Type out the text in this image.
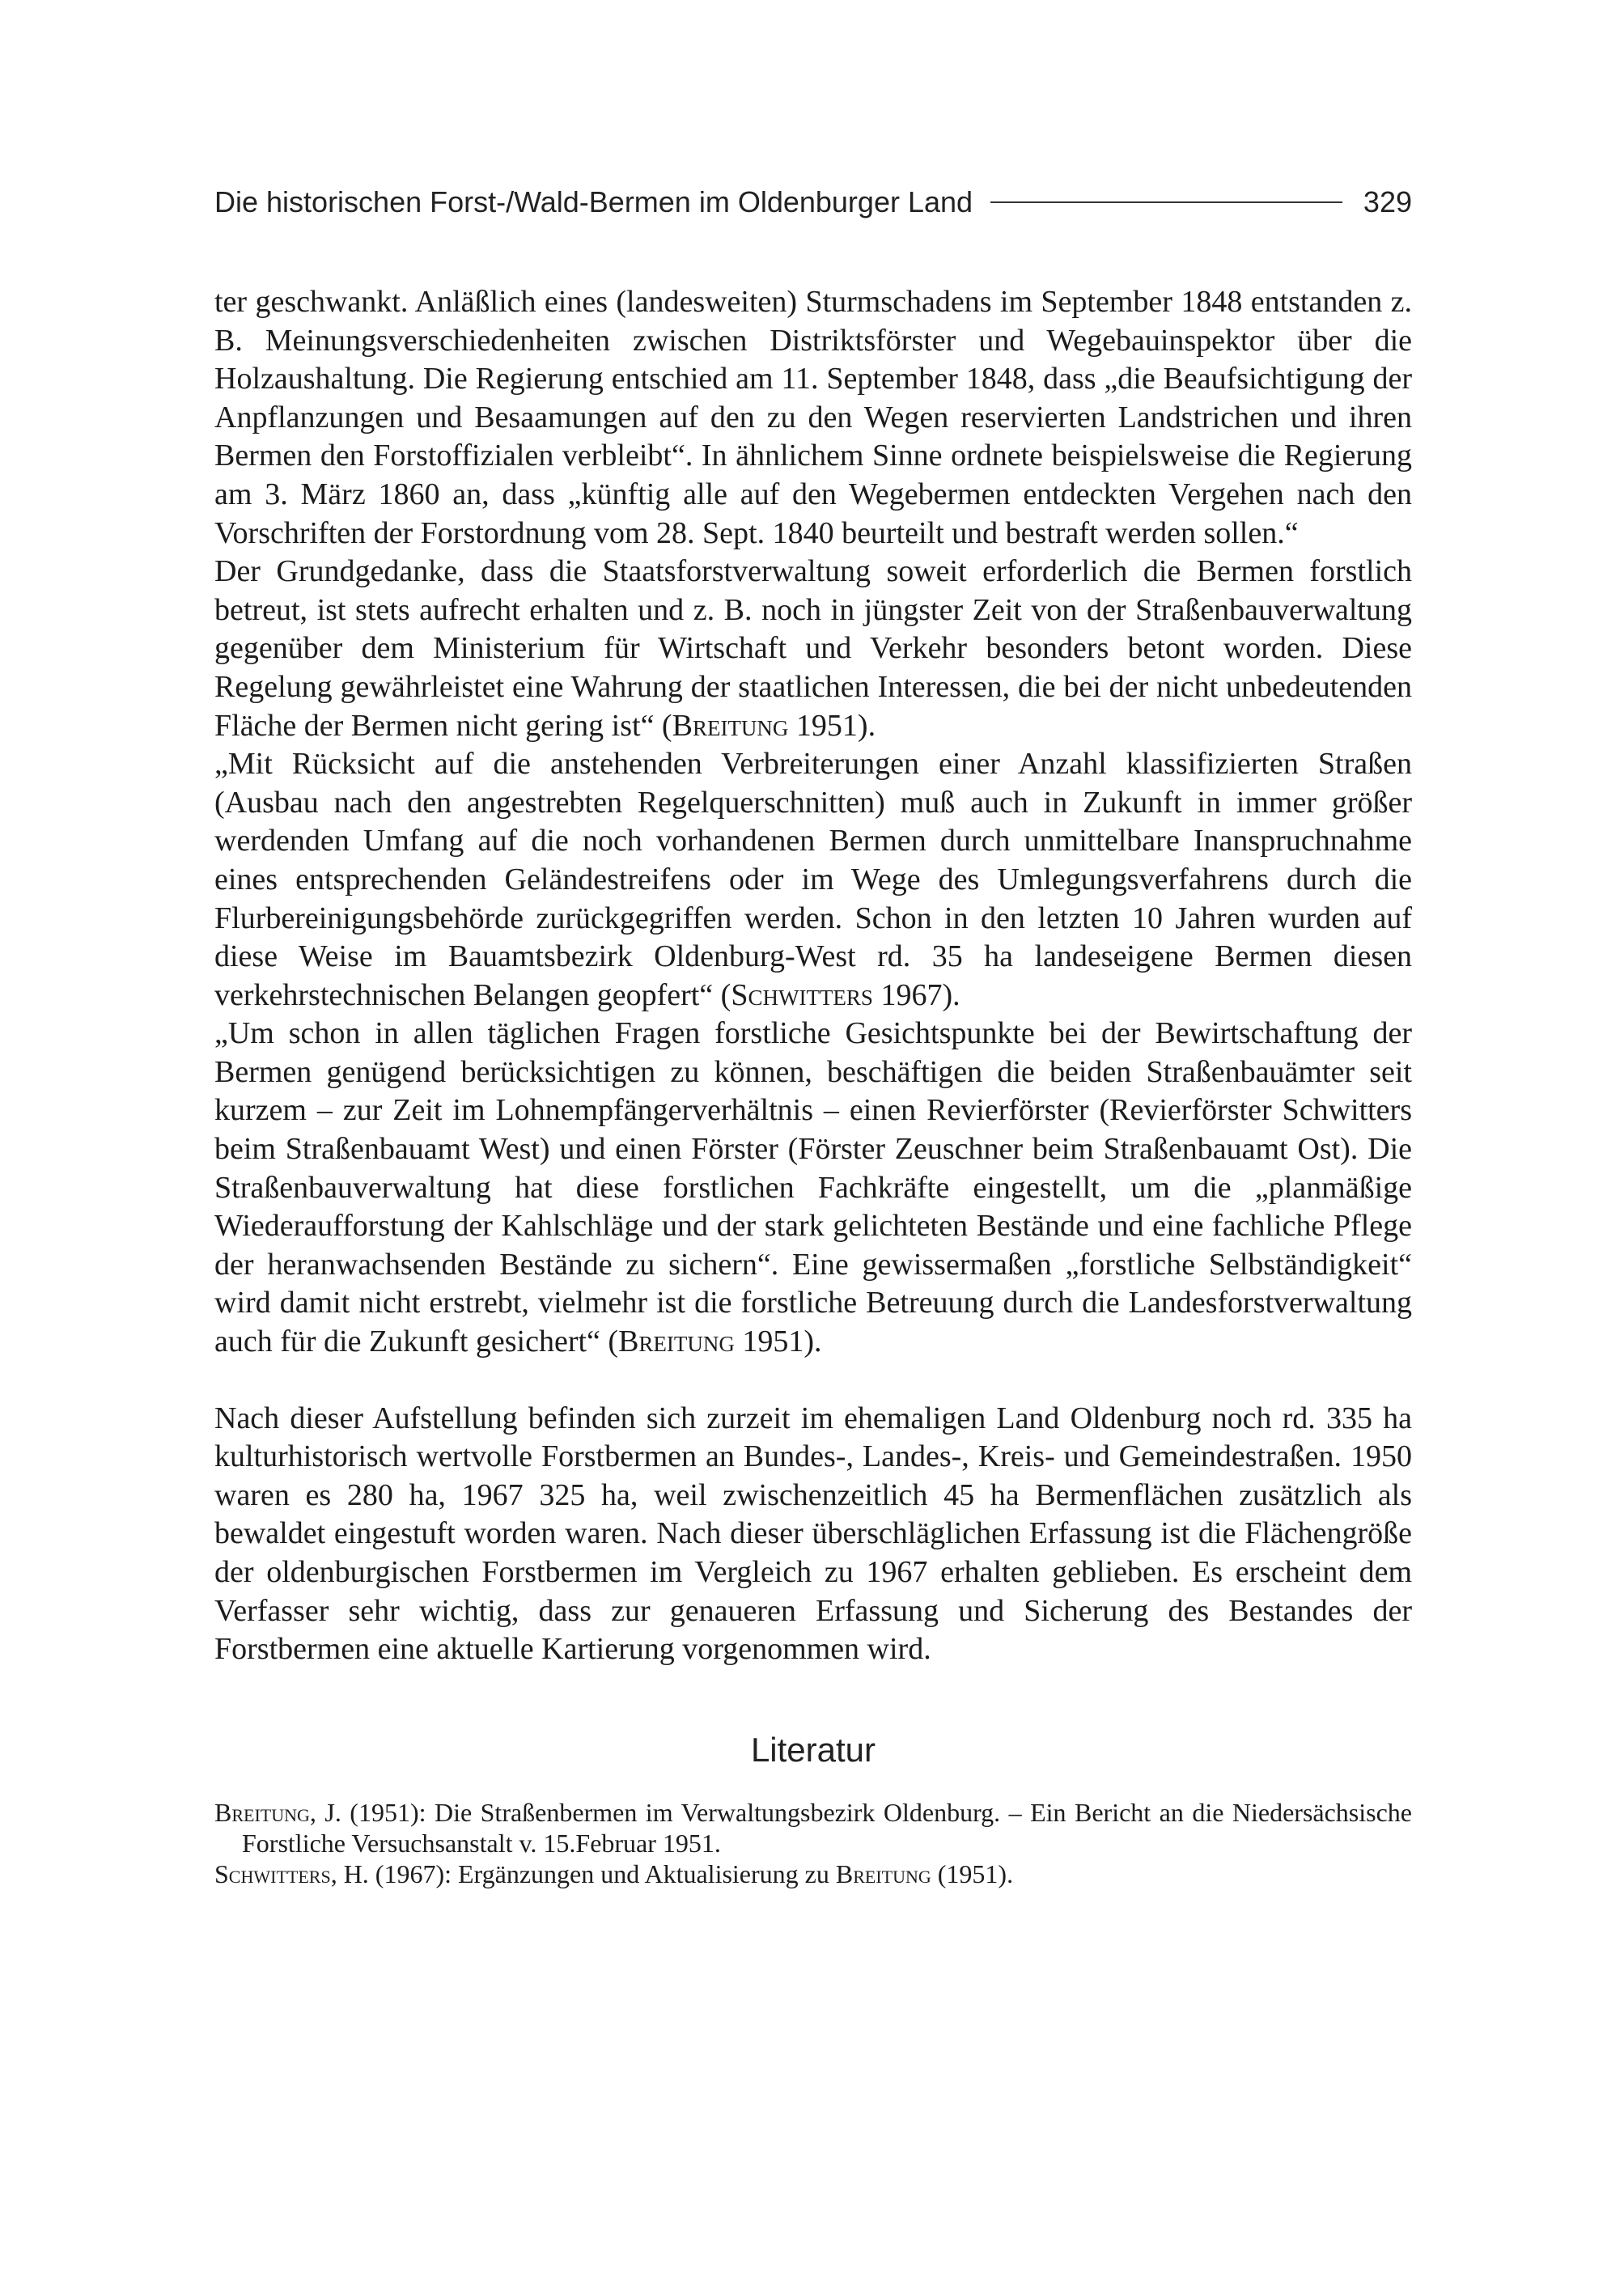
Die historischen Forst-/Wald-Bermen im Oldenburger Land	329

ter geschwankt. Anläßlich eines (landesweiten) Sturmschadens im September 1848 entstanden z. B. Meinungsverschiedenheiten zwischen Distriktsförster und Wegebauinspektor über die Holzaushaltung. Die Regierung entschied am 11. September 1848, dass „die Beaufsichtigung der Anpflanzungen und Besaamungen auf den zu den Wegen reservierten Landstrichen und ihren Bermen den Forstoffizialen verbleibt“. In ähnlichem Sinne ordnete beispielsweise die Regierung am 3. März 1860 an, dass „künftig alle auf den Wegebermen entdeckten Vergehen nach den Vorschriften der Forstordnung vom 28. Sept. 1840 beurteilt und bestraft werden sollen.“

Der Grundgedanke, dass die Staatsforstverwaltung soweit erforderlich die Bermen forstlich betreut, ist stets aufrecht erhalten und z. B. noch in jüngster Zeit von der Straßenbauverwaltung gegenüber dem Ministerium für Wirtschaft und Verkehr besonders betont worden. Diese Regelung gewährleistet eine Wahrung der staatlichen Interessen, die bei der nicht unbedeutenden Fläche der Bermen nicht gering ist“ (Breitung 1951).

„Mit Rücksicht auf die anstehenden Verbreiterungen einer Anzahl klassifizierten Straßen (Ausbau nach den angestrebten Regelquerschnitten) muß auch in Zukunft in immer größer werdenden Umfang auf die noch vorhandenen Bermen durch unmittelbare Inanspruchnahme eines entsprechenden Geländestreifens oder im Wege des Umlegungsverfahrens durch die Flurbereinigungsbehörde zurückgegriffen werden. Schon in den letzten 10 Jahren wurden auf diese Weise im Bauamtsbezirk Oldenburg-West rd. 35 ha landeseigene Bermen diesen verkehrstechnischen Belangen geopfert“ (Schwitters 1967).

„Um schon in allen täglichen Fragen forstliche Gesichtspunkte bei der Bewirtschaftung der Bermen genügend berücksichtigen zu können, beschäftigen die beiden Straßenbauämter seit kurzem – zur Zeit im Lohnempfängerverhältnis – einen Revierförster (Revierförster Schwitters beim Straßenbauamt West) und einen Förster (Förster Zeuschner beim Straßenbauamt Ost). Die Straßenbauverwaltung hat diese forstlichen Fachkräfte eingestellt, um die „planmäßige Wiederaufforstung der Kahlschläge und der stark gelichteten Bestände und eine fachliche Pflege der heranwachsenden Bestände zu sichern“. Eine gewissermaßen „forstliche Selbständigkeit“ wird damit nicht erstrebt, vielmehr ist die forstliche Betreuung durch die Landesforstverwaltung auch für die Zukunft gesichert“ (Breitung 1951).

Nach dieser Aufstellung befinden sich zurzeit im ehemaligen Land Oldenburg noch rd. 335 ha kulturhistorisch wertvolle Forstbermen an Bundes-, Landes-, Kreis- und Gemeindestraßen. 1950 waren es 280 ha, 1967 325 ha, weil zwischenzeitlich 45 ha Bermenflächen zusätzlich als bewaldet eingestuft worden waren. Nach dieser überschläglichen Erfassung ist die Flächengröße der oldenburgischen Forstbermen im Vergleich zu 1967 erhalten geblieben. Es erscheint dem Verfasser sehr wichtig, dass zur genaueren Erfassung und Sicherung des Bestandes der Forstbermen eine aktuelle Kartierung vorgenommen wird.

Literatur

Breitung, J. (1951): Die Straßenbermen im Verwaltungsbezirk Oldenburg. – Ein Bericht an die Niedersächsische Forstliche Versuchsanstalt v. 15.Februar 1951.

Schwitters, H. (1967): Ergänzungen und Aktualisierung zu Breitung (1951).
